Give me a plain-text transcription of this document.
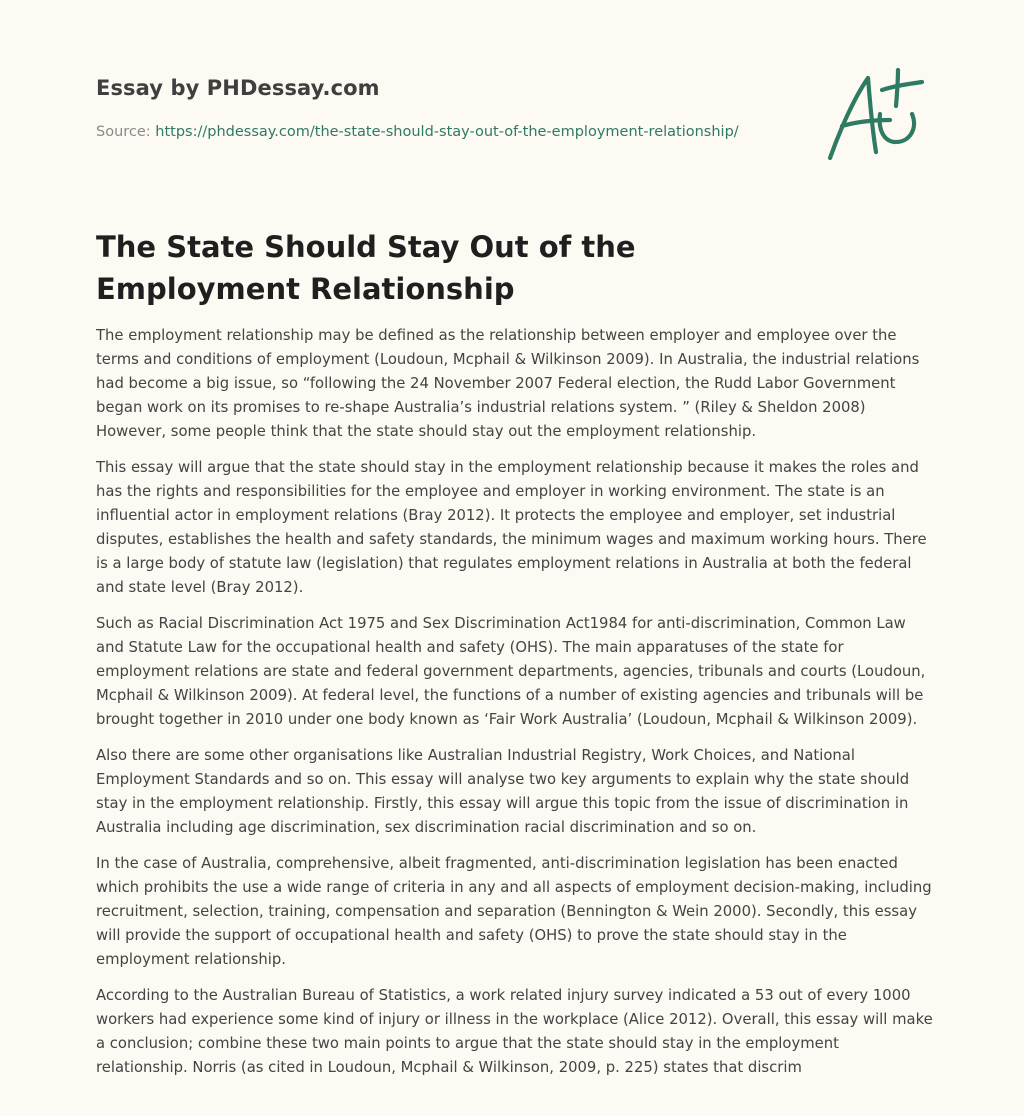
Essay by PHDessay.com
Source: https://phdessay.com/the-state-should-stay-out-of-the-employment-relationship/
The State Should Stay Out of the Employment Relationship

The employment relationship may be defined as the relationship between employer and employee over the terms and conditions of employment (Loudoun, Mcphail & Wilkinson 2009). In Australia, the industrial relations had become a big issue, so “following the 24 November 2007 Federal election, the Rudd Labor Government began work on its promises to re-shape Australia’s industrial relations system. ” (Riley & Sheldon 2008) However, some people think that the state should stay out the employment relationship.

This essay will argue that the state should stay in the employment relationship because it makes the roles and has the rights and responsibilities for the employee and employer in working environment. The state is an influential actor in employment relations (Bray 2012). It protects the employee and employer, set industrial disputes, establishes the health and safety standards, the minimum wages and maximum working hours. There is a large body of statute law (legislation) that regulates employment relations in Australia at both the federal and state level (Bray 2012).

Such as Racial Discrimination Act 1975 and Sex Discrimination Act1984 for anti-discrimination, Common Law and Statute Law for the occupational health and safety (OHS). The main apparatuses of the state for employment relations are state and federal government departments, agencies, tribunals and courts (Loudoun, Mcphail & Wilkinson 2009). At federal level, the functions of a number of existing agencies and tribunals will be brought together in 2010 under one body known as ‘Fair Work Australia’ (Loudoun, Mcphail & Wilkinson 2009).

Also there are some other organisations like Australian Industrial Registry, Work Choices, and National Employment Standards and so on. This essay will analyse two key arguments to explain why the state should stay in the employment relationship. Firstly, this essay will argue this topic from the issue of discrimination in Australia including age discrimination, sex discrimination racial discrimination and so on.

In the case of Australia, comprehensive, albeit fragmented, anti-discrimination legislation has been enacted which prohibits the use a wide range of criteria in any and all aspects of employment decision-making, including recruitment, selection, training, compensation and separation (Bennington & Wein 2000). Secondly, this essay will provide the support of occupational health and safety (OHS) to prove the state should stay in the employment relationship.

According to the Australian Bureau of Statistics, a work related injury survey indicated a 53 out of every 1000 workers had experience some kind of injury or illness in the workplace (Alice 2012). Overall, this essay will make a conclusion; combine these two main points to argue that the state should stay in the employment relationship. Norris (as cited in Loudoun, Mcphail & Wilkinson, 2009, p. 225) states that discrim
